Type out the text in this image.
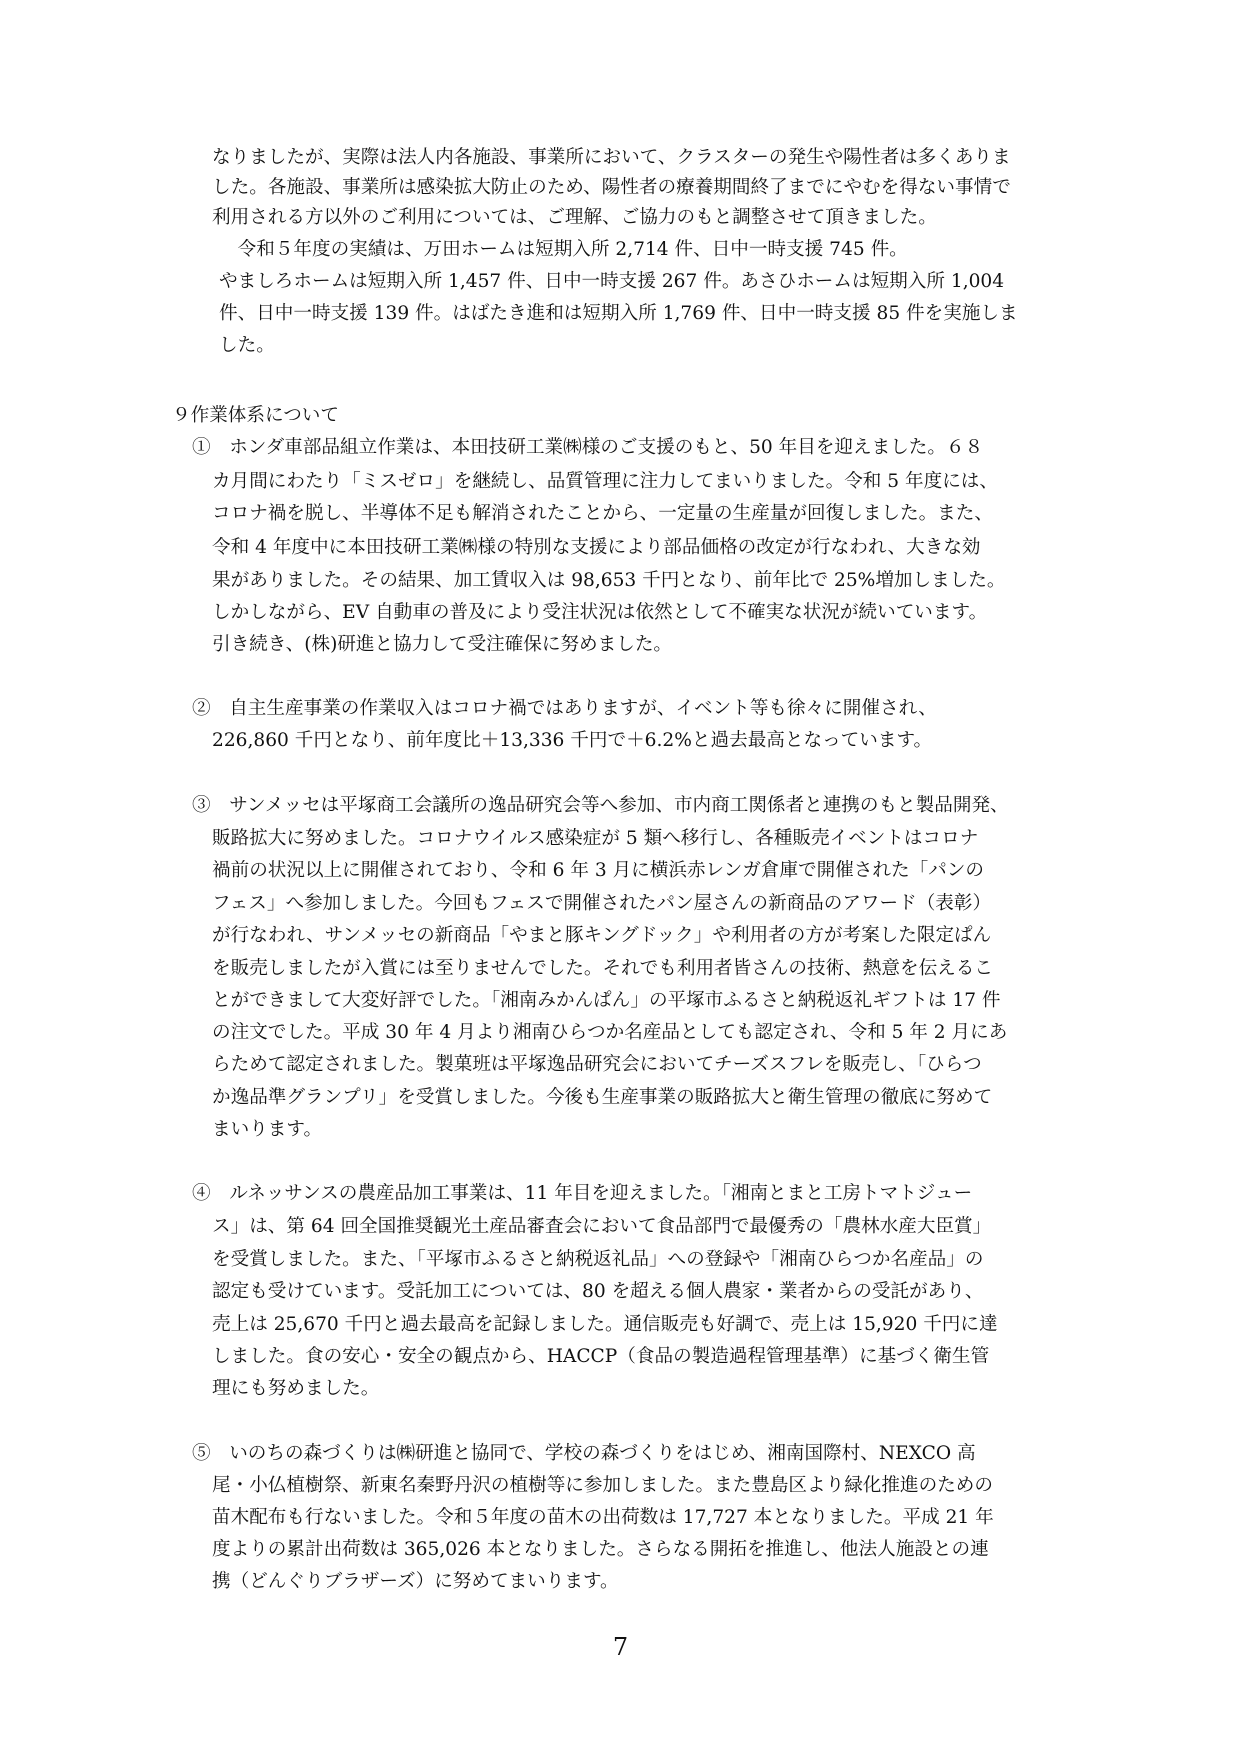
なりましたが、実際は法人内各施設、事業所において、クラスターの発生や陽性者は多くありま
した。各施設、事業所は感染拡大防止のため、陽性者の療養期間終了までにやむを得ない事情で
利用される方以外のご利用については、ご理解、ご協力のもと調整させて頂きました。
　令和５年度の実績は、万田ホームは短期入所 2,714 件、日中一時支援 745 件。
やましろホームは短期入所 1,457 件、日中一時支援 267 件。あさひホームは短期入所 1,004
件、日中一時支援 139 件。はばたき進和は短期入所 1,769 件、日中一時支援 85 件を実施しま
した。
９作業体系について
①　ホンダ車部品組立作業は、本田技研工業㈱様のご支援のもと、50 年目を迎えました。６８
カ月間にわたり「ミスゼロ」を継続し、品質管理に注力してまいりました。令和 5 年度には、
コロナ禍を脱し、半導体不足も解消されたことから、一定量の生産量が回復しました。また、
令和 4 年度中に本田技研工業㈱様の特別な支援により部品価格の改定が行なわれ、大きな効
果がありました。その結果、加工賃収入は 98,653 千円となり、前年比で 25%増加しました。
しかしながら、EV 自動車の普及により受注状況は依然として不確実な状況が続いています。
引き続き、(株)研進と協力して受注確保に努めました。
②　自主生産事業の作業収入はコロナ禍ではありますが、イベント等も徐々に開催され、
226,860 千円となり、前年度比＋13,336 千円で＋6.2%と過去最高となっています。
③　サンメッセは平塚商工会議所の逸品研究会等へ参加、市内商工関係者と連携のもと製品開発、
販路拡大に努めました。コロナウイルス感染症が 5 類へ移行し、各種販売イベントはコロナ
禍前の状況以上に開催されており、令和 6 年 3 月に横浜赤レンガ倉庫で開催された「パンの
フェス」へ参加しました。今回もフェスで開催されたパン屋さんの新商品のアワード（表彰）
が行なわれ、サンメッセの新商品「やまと豚キングドック」や利用者の方が考案した限定ぱん
を販売しましたが入賞には至りませんでした。それでも利用者皆さんの技術、熱意を伝えるこ
とができまして大変好評でした。「湘南みかんぱん」の平塚市ふるさと納税返礼ギフトは 17 件
の注文でした。平成 30 年 4 月より湘南ひらつか名産品としても認定され、令和 5 年 2 月にあ
らためて認定されました。製菓班は平塚逸品研究会においてチーズスフレを販売し、「ひらつ
か逸品準グランプリ」を受賞しました。今後も生産事業の販路拡大と衛生管理の徹底に努めて
まいります。
④　ルネッサンスの農産品加工事業は、11 年目を迎えました。「湘南とまと工房トマトジュー
ス」は、第 64 回全国推奨観光土産品審査会において食品部門で最優秀の「農林水産大臣賞」
を受賞しました。また、「平塚市ふるさと納税返礼品」への登録や「湘南ひらつか名産品」の
認定も受けています。受託加工については、80 を超える個人農家・業者からの受託があり、
売上は 25,670 千円と過去最高を記録しました。通信販売も好調で、売上は 15,920 千円に達
しました。食の安心・安全の観点から、HACCP（食品の製造過程管理基準）に基づく衛生管
理にも努めました。
⑤　いのちの森づくりは㈱研進と協同で、学校の森づくりをはじめ、湘南国際村、NEXCO 高
尾・小仏植樹祭、新東名秦野丹沢の植樹等に参加しました。また豊島区より緑化推進のための
苗木配布も行ないました。令和５年度の苗木の出荷数は 17,727 本となりました。平成 21 年
度よりの累計出荷数は 365,026 本となりました。さらなる開拓を推進し、他法人施設との連
携（どんぐりブラザーズ）に努めてまいります。
7
